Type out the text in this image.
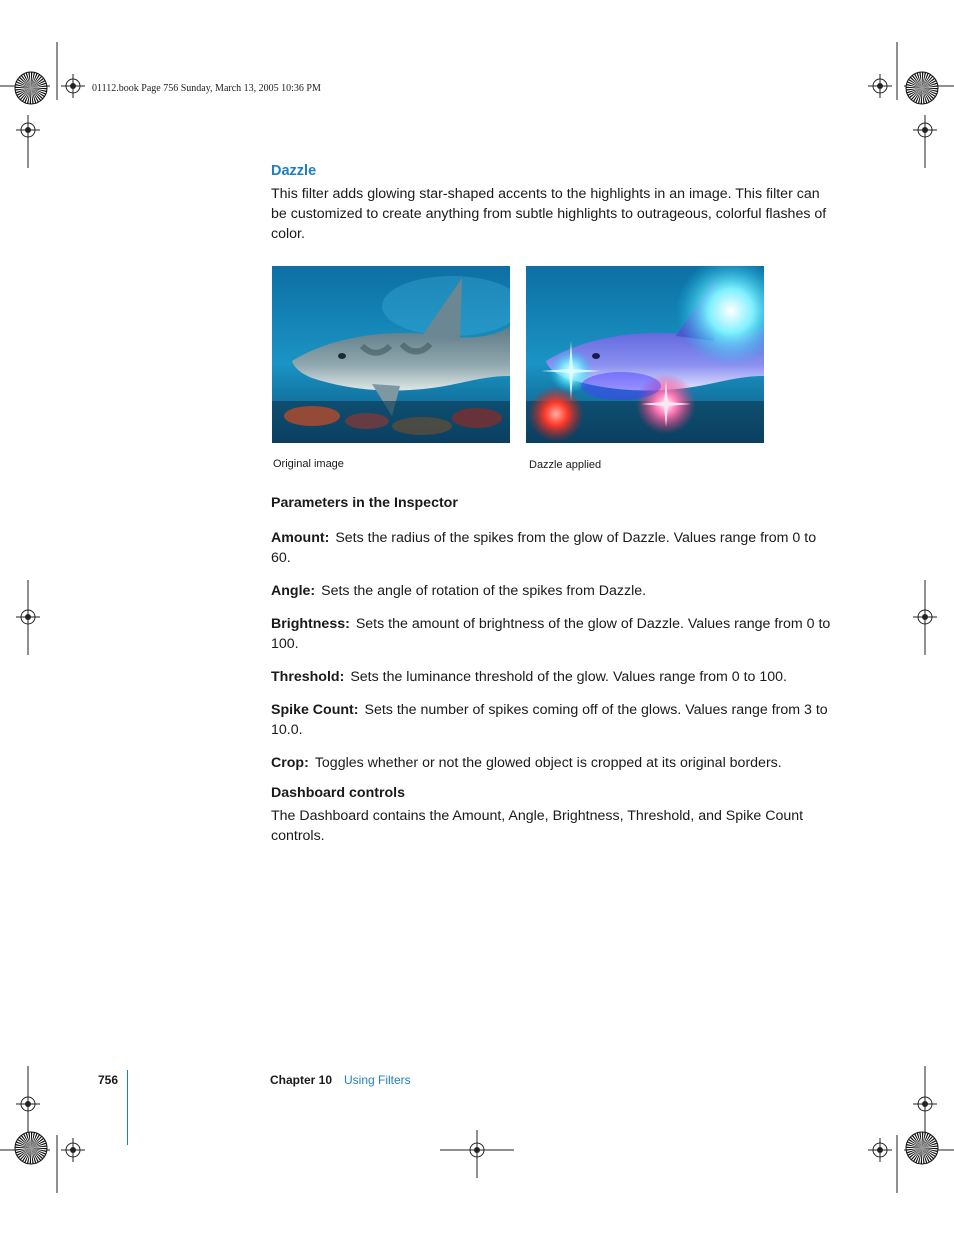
01112.book Page 756 Sunday, March 13, 2005 10:36 PM
Dazzle
This filter adds glowing star-shaped accents to the highlights in an image. This filter can be customized to create anything from subtle highlights to outrageous, colorful flashes of color.
Original image	Dazzle applied
Parameters in the Inspector
Amount: Sets the radius of the spikes from the glow of Dazzle. Values range from 0 to 60.
Angle: Sets the angle of rotation of the spikes from Dazzle.
Brightness: Sets the amount of brightness of the glow of Dazzle. Values range from 0 to 100.
Threshold: Sets the luminance threshold of the glow. Values range from 0 to 100.
Spike Count: Sets the number of spikes coming off of the glows. Values range from 3 to 10.0.
Crop: Toggles whether or not the glowed object is cropped at its original borders.
Dashboard controls
The Dashboard contains the Amount, Angle, Brightness, Threshold, and Spike Count controls.
756	Chapter 10 Using Filters
